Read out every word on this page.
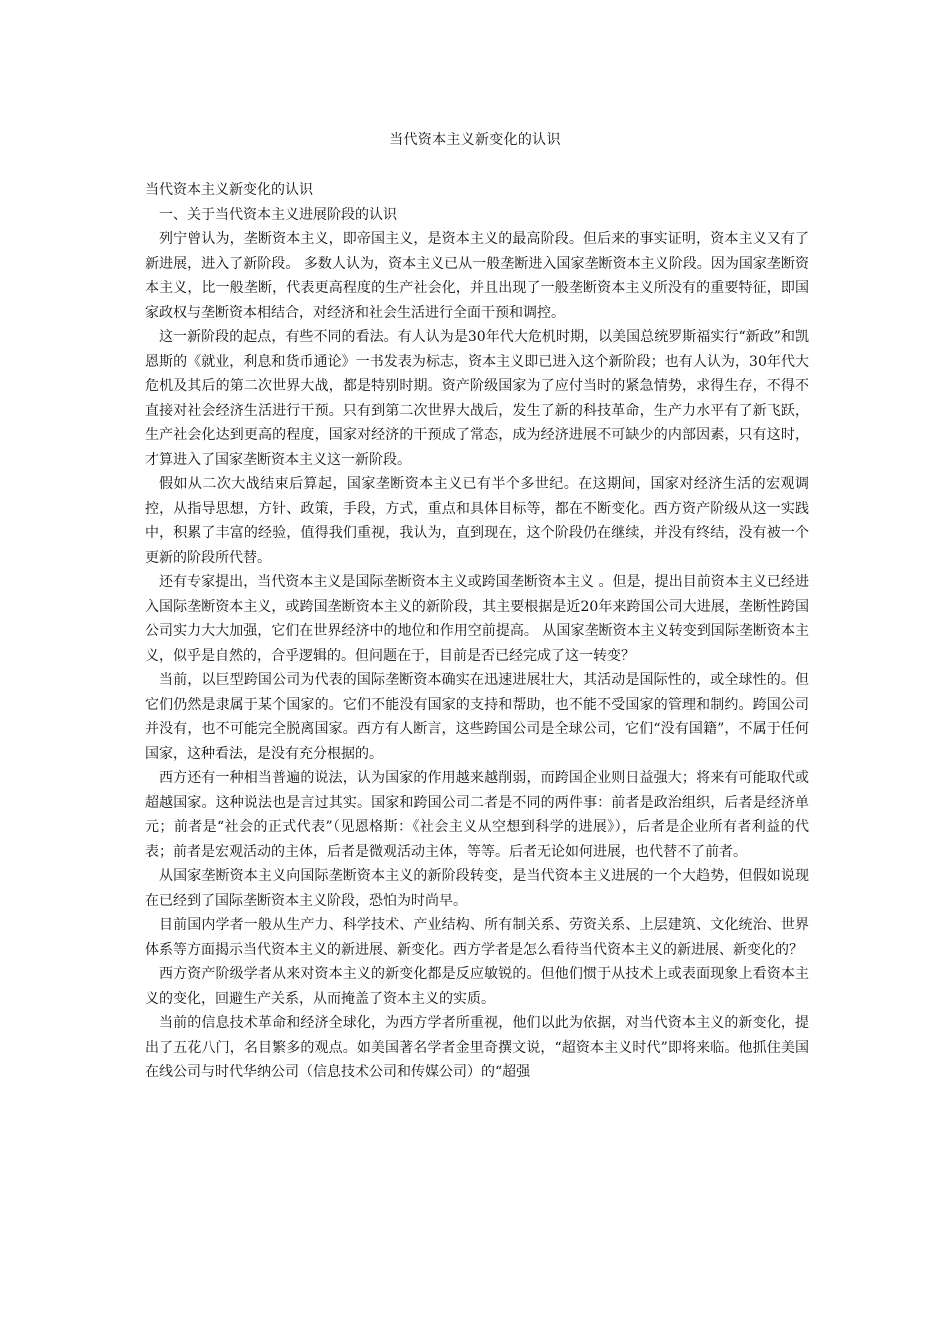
当代资本主义新变化的认识

当代资本主义新变化的认识

一、关于当代资本主义进展阶段的认识

列宁曾认为，垄断资本主义，即帝国主义，是资本主义的最高阶段。但后来的事实证明，资本主义又有了新进展，进入了新阶段。 多数人认为，资本主义已从一般垄断进入国家垄断资本主义阶段。因为国家垄断资本主义，比一般垄断，代表更高程度的生产社会化，并且出现了一般垄断资本主义所没有的重要特征，即国家政权与垄断资本相结合，对经济和社会生活进行全面干预和调控。

这一新阶段的起点，有些不同的看法。有人认为是30年代大危机时期，以美国总统罗斯福实行“新政”和凯恩斯的《就业，利息和货币通论》一书发表为标志，资本主义即已进入这个新阶段；也有人认为，30年代大危机及其后的第二次世界大战，都是特别时期。资产阶级国家为了应付当时的紧急情势，求得生存，不得不直接对社会经济生活进行干预。只有到第二次世界大战后，发生了新的科技革命，生产力水平有了新飞跃，生产社会化达到更高的程度，国家对经济的干预成了常态，成为经济进展不可缺少的内部因素，只有这时，才算进入了国家垄断资本主义这一新阶段。

假如从二次大战结束后算起，国家垄断资本主义已有半个多世纪。在这期间，国家对经济生活的宏观调控，从指导思想，方针、政策，手段，方式，重点和具体目标等，都在不断变化。西方资产阶级从这一实践中，积累了丰富的经验，值得我们重视，我认为，直到现在，这个阶段仍在继续，并没有终结，没有被一个更新的阶段所代替。

还有专家提出，当代资本主义是国际垄断资本主义或跨国垄断资本主义 。但是，提出目前资本主义已经进入国际垄断资本主义，或跨国垄断资本主义的新阶段，其主要根据是近20年来跨国公司大进展，垄断性跨国公司实力大大加强，它们在世界经济中的地位和作用空前提高。 从国家垄断资本主义转变到国际垄断资本主义，似乎是自然的，合乎逻辑的。但问题在于，目前是否已经完成了这一转变？

当前，以巨型跨国公司为代表的国际垄断资本确实在迅速进展壮大，其活动是国际性的，或全球性的。但它们仍然是隶属于某个国家的。它们不能没有国家的支持和帮助，也不能不受国家的管理和制约。跨国公司并没有，也不可能完全脱离国家。西方有人断言，这些跨国公司是全球公司，它们“没有国籍”，不属于任何国家，这种看法，是没有充分根据的。

西方还有一种相当普遍的说法，认为国家的作用越来越削弱，而跨国企业则日益强大；将来有可能取代或超越国家。这种说法也是言过其实。国家和跨国公司二者是不同的两件事：前者是政治组织，后者是经济单元；前者是“社会的正式代表”（见恩格斯：《社会主义从空想到科学的进展》），后者是企业所有者利益的代表；前者是宏观活动的主体，后者是微观活动主体，等等。后者无论如何进展，也代替不了前者。

从国家垄断资本主义向国际垄断资本主义的新阶段转变，是当代资本主义进展的一个大趋势，但假如说现在已经到了国际垄断资本主义阶段，恐怕为时尚早。

目前国内学者一般从生产力、科学技术、产业结构、所有制关系、劳资关系、上层建筑、文化统治、世界体系等方面揭示当代资本主义的新进展、新变化。西方学者是怎么看待当代资本主义的新进展、新变化的？

西方资产阶级学者从来对资本主义的新变化都是反应敏锐的。但他们惯于从技术上或表面现象上看资本主义的变化，回避生产关系，从而掩盖了资本主义的实质。

当前的信息技术革命和经济全球化，为西方学者所重视，他们以此为依据，对当代资本主义的新变化，提出了五花八门，名目繁多的观点。如美国著名学者金里奇撰文说，“超资本主义时代”即将来临。他抓住美国在线公司与时代华纳公司（信息技术公司和传媒公司）的“超强
